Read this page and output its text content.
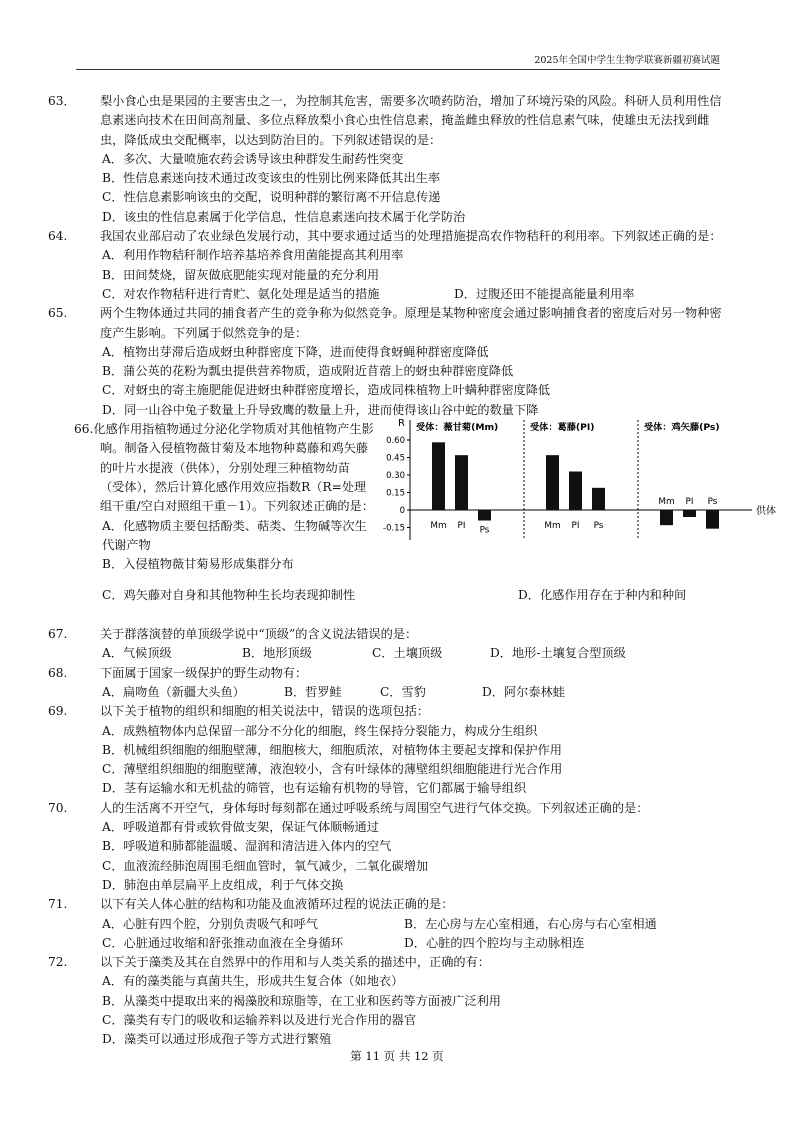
2025年全国中学生生物学联赛新疆初赛试题
63． 梨小食心虫是果园的主要害虫之一，为控制其危害，需要多次喷药防治，增加了环境污染的风险。科研人员利用性信息素迷向技术在田间高剂量、多位点释放梨小食心虫性信息素，掩盖雌虫释放的性信息素气味，使雄虫无法找到雌虫，降低成虫交配概率，以达到防治目的。下列叙述错误的是：
A．多次、大量喷施农药会诱导该虫种群发生耐药性突变
B．性信息素迷向技术通过改变该虫的性别比例来降低其出生率
C．性信息素影响该虫的交配，说明种群的繁衍离不开信息传递
D．该虫的性信息素属于化学信息，性信息素迷向技术属于化学防治
64.	我国农业部启动了农业绿色发展行动，其中要求通过适当的处理措施提高农作物秸秆的利用率。下列叙述正确的是：
A．利用作物秸秆制作培养基培养食用菌能提高其利用率
B．田间焚烧，留灰做底肥能实现对能量的充分利用
C．对农作物秸秆进行青贮、氨化处理是适当的措施	D．过腹还田不能提高能量利用率
65.	两个生物体通过共同的捕食者产生的竞争称为似然竞争。原理是某物种密度会通过影响捕食者的密度后对另一物种密度产生影响。下列属于似然竞争的是：
A．植物出芽滞后造成蚜虫种群密度下降，进而使得食蚜蝇种群密度降低
B．蒲公英的花粉为瓢虫提供营养物质，造成附近苜蓿上的蚜虫种群密度降低
C．对蚜虫的寄主施肥能促进蚜虫种群密度增长，造成同株植物上叶螨种群密度降低
D．同一山谷中兔子数量上升导致鹰的数量上升，进而使得该山谷中蛇的数量下降
66.化感作用指植物通过分泌化学物质对其他植物产生影响。制备入侵植物薇甘菊及本地物种葛藤和鸡矢藤的叶片水提液（供体），分别处理三种植物幼苗（受体），然后计算化感作用效应指数R（R=处理组干重/空白对照组干重－1）。下列叙述正确的是：
A．化感物质主要包括酚类、萜类、生物碱等次生代谢产物
B．入侵植物薇甘菊易形成集群分布
R
供体
0.60
0.45
0.30
0.15
0
-0.15
受体：薇甘菊(Mm)
Mm PI Ps
受体：葛藤(PI)
Mm PI Ps
受体：鸡矢藤(Ps)
Mm PI Ps
C．鸡矢藤对自身和其他物种生长均表现抑制性	D．化感作用存在于种内和种间
67.	关于群落演替的单顶级学说中“顶级”的含义说法错误的是：
A．气候顶级	B．地形顶级	C．土壤顶级	D．地形-土壤复合型顶级
68.	下面属于国家一级保护的野生动物有：
A．扁吻鱼（新疆大头鱼）	B．哲罗鲑	C．雪豹	D．阿尔泰林蛙
69.	以下关于植物的组织和细胞的相关说法中，错误的选项包括：
A．成熟植物体内总保留一部分不分化的细胞，终生保持分裂能力，构成分生组织
B．机械组织细胞的细胞壁薄，细胞核大，细胞质浓，对植物体主要起支撑和保护作用
C．薄壁组织细胞的细胞壁薄，液泡较小，含有叶绿体的薄壁组织细胞能进行光合作用
D．茎有运输水和无机盐的筛管，也有运输有机物的导管，它们都属于输导组织
70.	人的生活离不开空气，身体每时每刻都在通过呼吸系统与周围空气进行气体交换。下列叙述正确的是：
A．呼吸道都有骨或软骨做支架，保证气体顺畅通过
B．呼吸道和肺都能温暖、湿润和清洁进入体内的空气
C．血液流经肺泡周围毛细血管时，氧气减少，二氧化碳增加
D．肺泡由单层扁平上皮组成，利于气体交换
71.	以下有关人体心脏的结构和功能及血液循环过程的说法正确的是：
A．心脏有四个腔，分别负责吸气和呼气	B．左心房与左心室相通，右心房与右心室相通
C．心脏通过收缩和舒张推动血液在全身循环	D．心脏的四个腔均与主动脉相连
72.	以下关于藻类及其在自然界中的作用和与人类关系的描述中，正确的有：
A．有的藻类能与真菌共生，形成共生复合体（如地衣）
B．从藻类中提取出来的褐藻胶和琼脂等，在工业和医药等方面被广泛利用
C．藻类有专门的吸收和运输养料以及进行光合作用的器官
D．藻类可以通过形成孢子等方式进行繁殖
第 11 页 共 12 页
